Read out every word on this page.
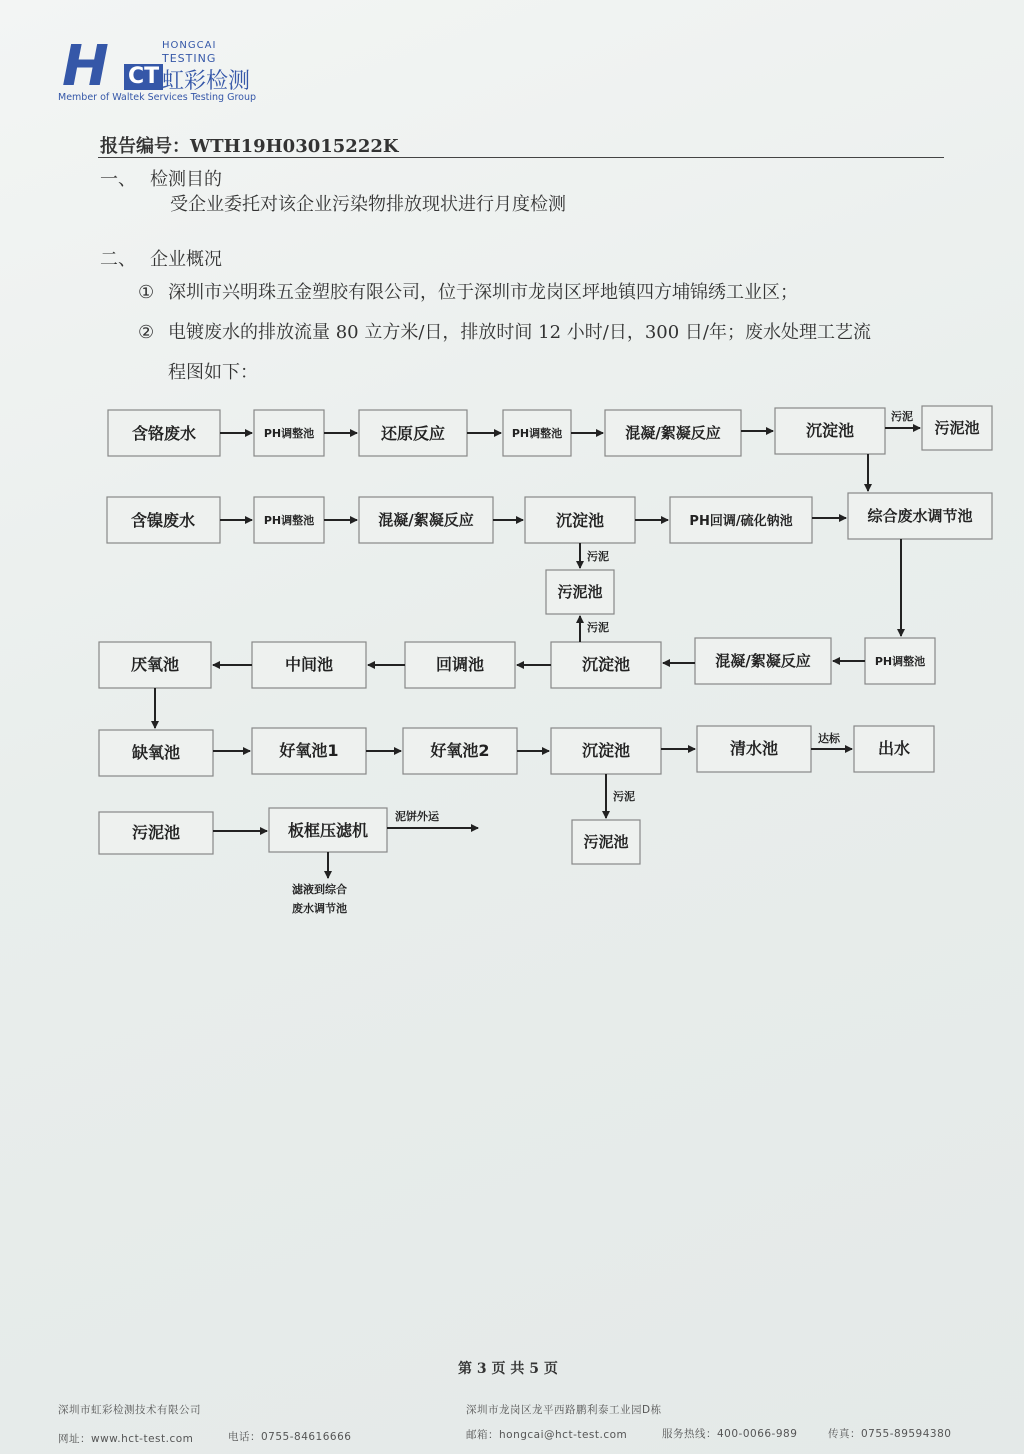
H CT
HONGCAI
TESTING
虹彩检测
Member of Waltek Services Testing Group
报告编号：WTH19H03015222K
一、 检测目的
受企业委托对该企业污染物排放现状进行月度检测
二、 企业概况
① 深圳市兴明珠五金塑胶有限公司，位于深圳市龙岗区坪地镇四方埔锦绣工业区；
② 电镀废水的排放流量 80 立方米/日，排放时间 12 小时/日，300 日/年；废水处理工艺流
程图如下：
含铬废水	PH调整池	还原反应	PH调整池	混凝/絮凝反应	沉淀池	污泥池
含镍废水	PH调整池	混凝/絮凝反应	沉淀池	PH回调/硫化钠池	综合废水调节池
污泥池
厌氧池	中间池	回调池	沉淀池	混凝/絮凝反应	PH调整池
缺氧池	好氧池1	好氧池2	沉淀池	清水池	出水
污泥池	板框压滤机
污泥池
污泥
污泥
污泥
污泥
达标
泥饼外运
滤液到综合
废水调节池
第 3 页 共 5 页
深圳市虹彩检测技术有限公司	深圳市龙岗区龙平西路鹏利泰工业园D栋
网址：www.hct-test.com	电话：0755-84616666	邮箱：hongcai@hct-test.com	服务热线：400-0066-989	传真：0755-89594380
